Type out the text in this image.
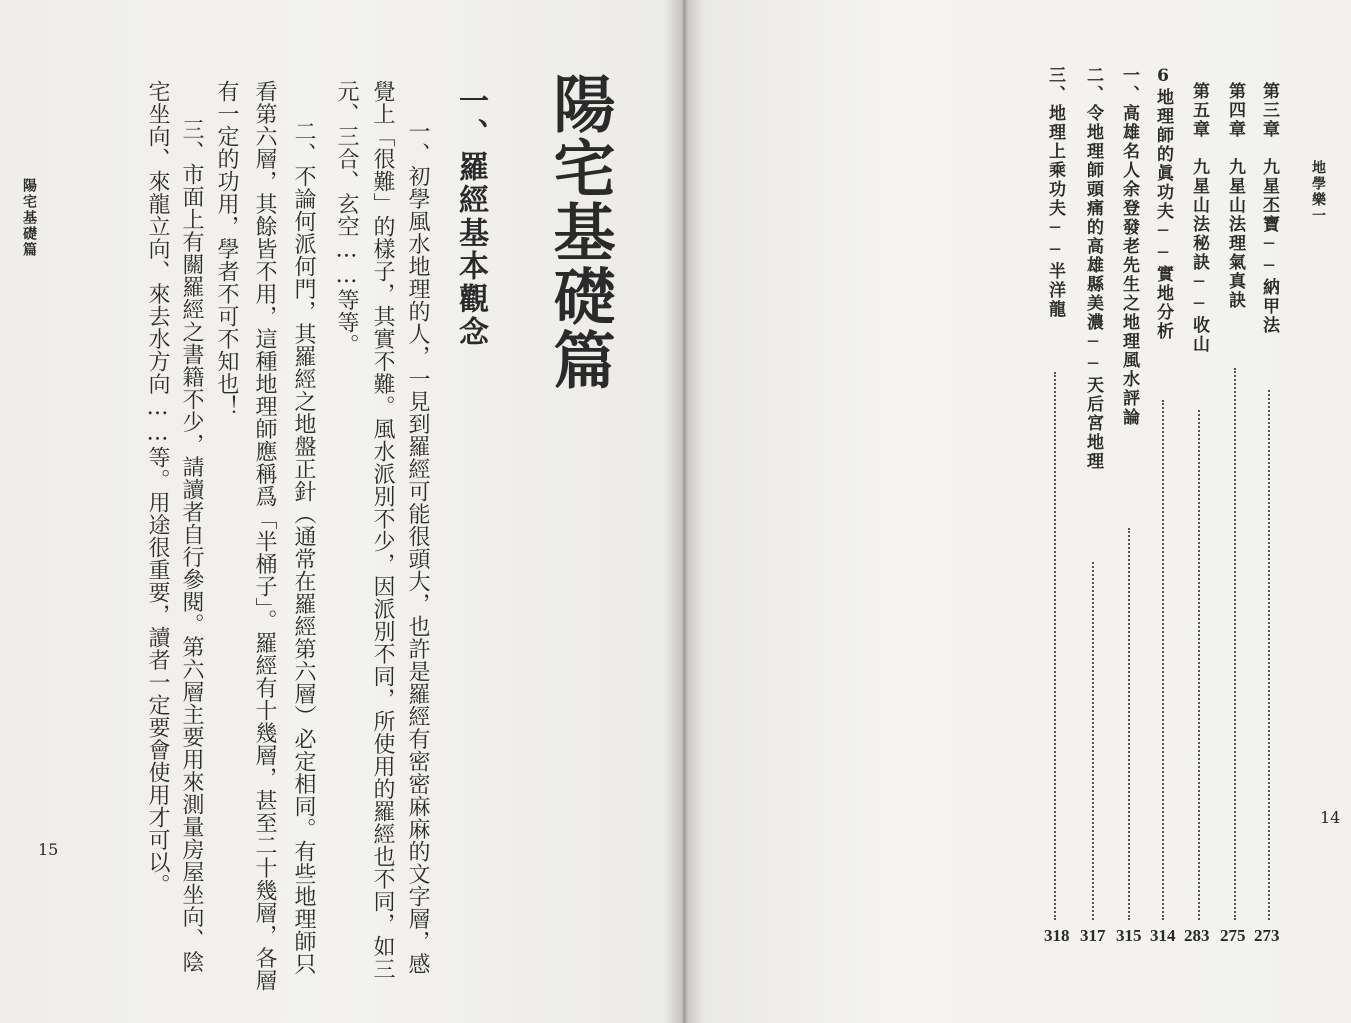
陽宅基礎篇
一、羅經基本觀念
一、初學風水地理的人，一見到羅經可能很頭大，也許是羅經有密密麻麻的文字層，感
覺上「很難」的樣子，其實不難。風水派別不少，因派別不同，所使用的羅經也不同，如三
元、三合、玄空……等等。
二、不論何派何門，其羅經之地盤正針（通常在羅經第六層）必定相同。有些地理師只
看第六層，其餘皆不用，這種地理師應稱爲「半桶子」。羅經有十幾層，甚至二十幾層，各層
有一定的功用，學者不可不知也！
三、市面上有關羅經之書籍不少，請讀者自行參閱。第六層主要用來測量房屋坐向、陰
宅坐向、來龍立向、來去水方向……等。用途很重要，讀者一定要會使用才可以。
陽宅基礎篇
15
地學樂一
14
第三章　九星丕寶──納甲法
273
第四章　九星山法理氣真訣
275
第五章　九星山法秘訣──收山
283
6地理師的眞功夫──實地分析
314
一、高雄名人余登發老先生之地理風水評論
315
二、令地理師頭痛的高雄縣美濃──天后宮地理
317
三、地理上乘功夫──半洋龍
318
